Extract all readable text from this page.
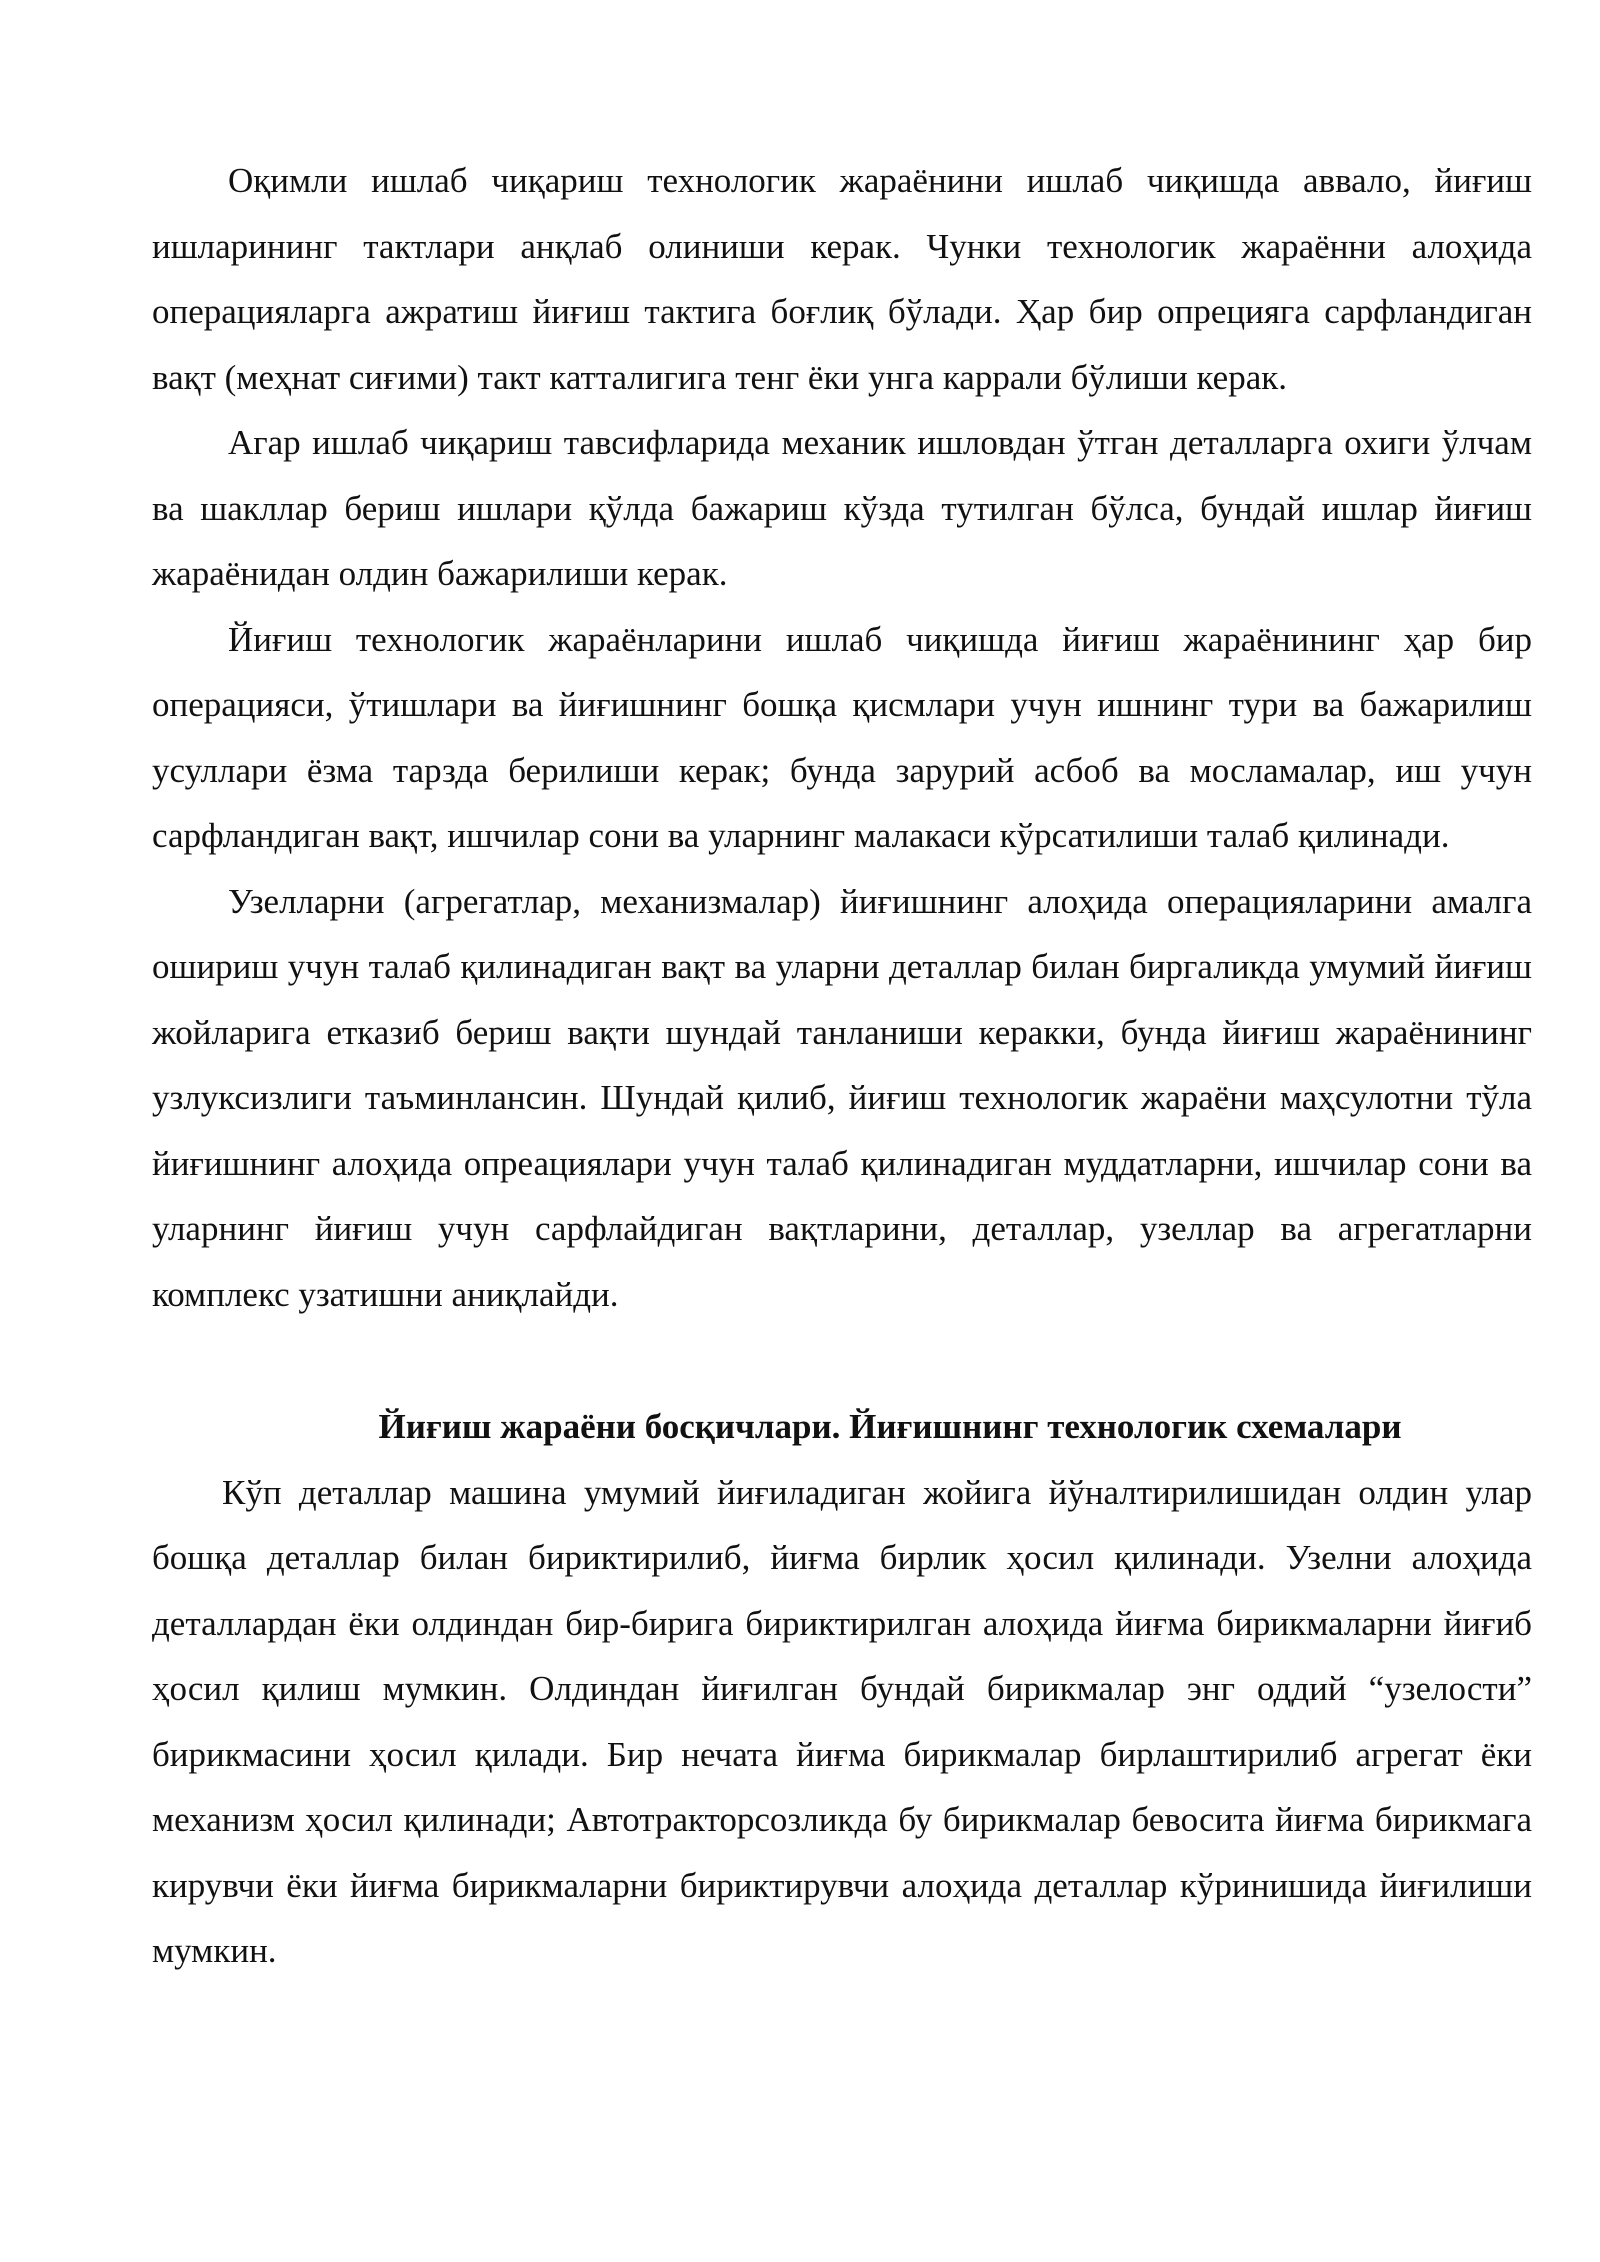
Оқимли ишлаб чиқариш технологик жараёнини ишлаб чиқишда аввало, йиғиш ишларининг тактлари анқлаб олиниши керак. Чунки технологик жараённи алоҳида операцияларга ажратиш йиғиш тактига боғлиқ бўлади. Ҳар бир опрецияга сарфландиган вақт (меҳнат сиғими) такт катталигига тенг ёки унга каррали бўлиши керак.

Агар ишлаб чиқариш тавсифларида механик ишловдан ўтган деталларга охиги ўлчам ва шакллар бериш ишлари қўлда бажариш кўзда тутилган бўлса, бундай ишлар йиғиш жараёнидан олдин бажарилиши керак.

Йиғиш технологик жараёнларини ишлаб чиқишда йиғиш жараёнининг ҳар бир операцияси, ўтишлари ва йиғишнинг бошқа қисмлари учун ишнинг тури ва бажарилиш усуллари ёзма тарзда берилиши керак; бунда зарурий асбоб ва мосламалар, иш учун сарфландиган вақт, ишчилар сони ва уларнинг малакаси кўрсатилиши талаб қилинади.

Узелларни (агрегатлар, механизмалар) йиғишнинг алоҳида операцияларини амалга ошириш учун талаб қилинадиган вақт ва уларни деталлар билан биргаликда умумий йиғиш жойларига етказиб бериш вақти шундай танланиши керакки, бунда йиғиш жараёнининг узлуксизлиги таъминлансин. Шундай қилиб, йиғиш технологик жараёни маҳсулотни тўла йиғишнинг алоҳида опреациялари учун талаб қилинадиган муддатларни, ишчилар сони ва уларнинг йиғиш учун сарфлайдиган вақтларини, деталлар, узеллар ва агрегатларни комплекс узатишни аниқлайди.

Йиғиш жараёни босқичлари. Йиғишнинг технологик схемалари

Кўп деталлар машина умумий йиғиладиган жойига йўналтирилишидан олдин улар бошқа деталлар билан бириктирилиб, йиғма бирлик ҳосил қилинади. Узелни алоҳида деталлардан ёки олдиндан бир-бирига бириктирилган алоҳида йиғма бирикмаларни йиғиб ҳосил қилиш мумкин. Олдиндан йиғилган бундай бирикмалар энг оддий “узелости” бирикмасини ҳосил қилади. Бир нечата йиғма бирикмалар бирлаштирилиб агрегат ёки механизм ҳосил қилинади; Автотракторсозликда бу бирикмалар бевосита йиғма бирикмага кирувчи ёки йиғма бирикмаларни бириктирувчи алоҳида деталлар кўринишида йиғилиши мумкин.
